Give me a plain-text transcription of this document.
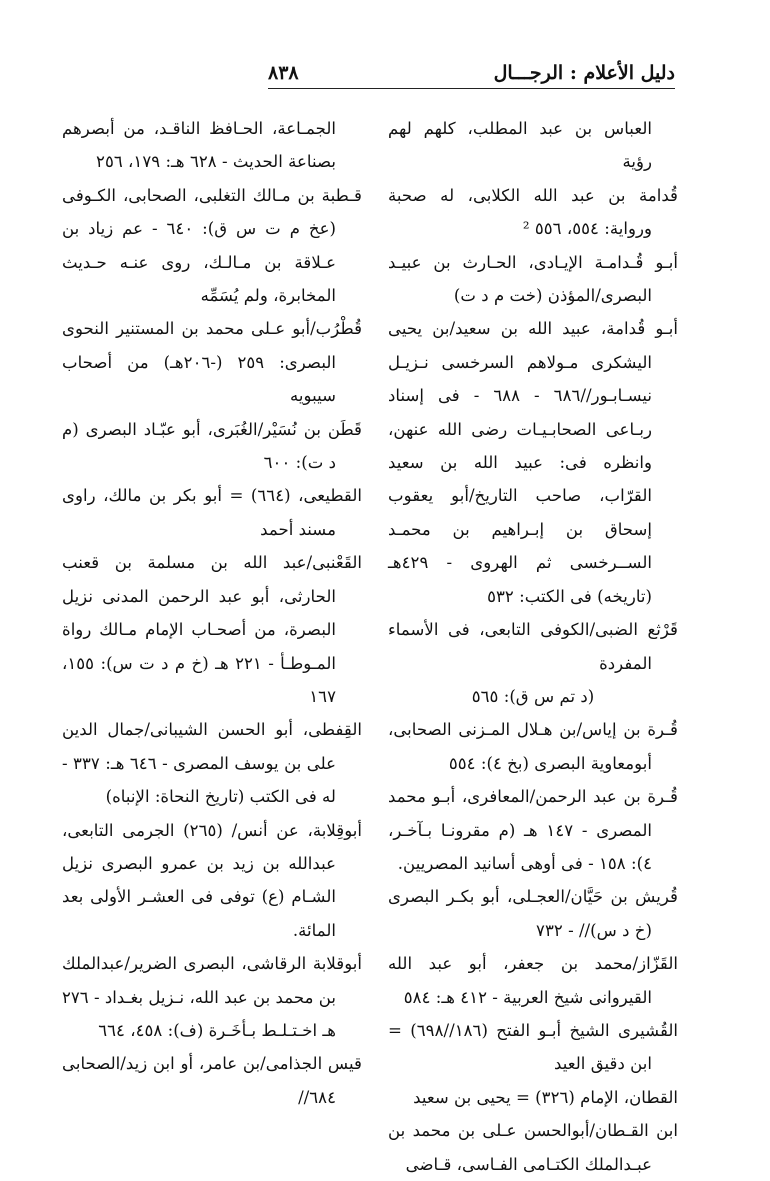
دليل الأعلام : الرجـــال
٨٣٨

العباس بن عبد المطلب، كلهم لهم رؤية

قُدامة بن عبد الله الكلابى، له صحبة ورواية: ٥٥٤، ٥٥٦ ²

أبـو قُـدامـة الإيـادى، الحـارث بن عبيـد البصرى/المؤذن (خت م د ت)

أبـو قُدامة، عبيد الله بن سعيد/بن يحيى اليشكرى مـولاهم السرخسى نـزيـل نيسـابـور//٦٨٦ - ٦٨٨ - فى إسناد ربـاعى الصحابـيـات رضى الله عنهن، وانظره فى: عبيد الله بن سعيد القرّاب، صاحب التاريخ/أبو يعقوب إسحاق بن إبـراهيم بن محمـد الســرخسى ثم الهروى - ٤٢٩هـ (تاريخه) فى الكتب: ٥٣٢

قَرْثع الضبى/الكوفى التابعى، فى الأسماء المفردة

(د تم س ق): ٥٦٥

قُـرة بن إياس/بن هـلال المـزنى الصحابى، أبومعاوية البصرى (بخ ٤): ٥٥٤

قُـرة بن عبد الرحمن/المعافرى، أبـو محمد المصرى - ١٤٧ هـ (م مقرونـا بـآخـر، ٤): ١٥٨ - فى أوهى أسانيد المصريين.

قُريش بن حَيَّان/العجـلى، أبو بكـر البصرى (خ د س)// - ٧٣٢

القَزّاز/محمد بن جعفر، أبو عبد الله القيروانى شيخ العربية - ٤١٢ هـ: ٥٨٤

القُشيرى الشيخ أبـو الفتح (١٨٦//٦٩٨) = ابن دقيق العيد

القطان، الإمام (٣٢٦) = يحيى بن سعيد

ابن القـطان/أبوالحسن عـلى بن محمد بن عبـدالملك الكتـامى الفـاسى، قـاضى

الجمـاعة، الحـافظ الناقـد، من أبصرهم بصناعة الحديث - ٦٢٨ هـ: ١٧٩، ٢٥٦

قـطبة بن مـالك التغلبى، الصحابى، الكـوفى (عخ م ت س ق): ٦٤٠ - عم زياد بن عـلاقة بن مـالـك، روى عنـه حـديث المخابرة، ولم يُسَمِّه

قُطْرُب/أبو عـلى محمد بن المستنير النحوى البصرى: ٢٥٩ (-٢٠٦هـ) من أصحاب سيبويه

قَطَن بن نُسَيْر/الغُبَرى، أبو عبّـاد البصرى (م د ت): ٦٠٠

القطيعى، (٦٦٤) = أبو بكر بن مالك، راوى مسند أحمد

القَعْنبى/عبد الله بن مسلمة بن قعنب الحارثى، أبو عبد الرحمن المدنى نزيل البصرة، من أصحـاب الإمام مـالك رواة المـوطـأ - ٢٢١ هـ (خ م د ت س): ١٥٥، ١٦٧

القِفطى، أبو الحسن الشيبانى/جمال الدين على بن يوسف المصرى - ٦٤٦ هـ: ٣٣٧ - له فى الكتب (تاريخ النحاة: الإنباه)

أبوقِلابة، عن أنس/ (٢٦٥) الجرمى التابعى، عبدالله بن زيد بن عمرو البصرى نزيل الشـام (ع) توفى فى العشـر الأولى بعد المائة.

أبوقلابة الرقاشى، البصرى الضرير/عبدالملك بن محمد بن عبد الله، نـزيل بغـداد - ٢٧٦ هـ اخـتـلـط بـأخَـرة (ف): ٤٥٨، ٦٦٤

قيس الجذامى/بن عامر، أو ابن زيد/الصحابى ٦٨٤//
